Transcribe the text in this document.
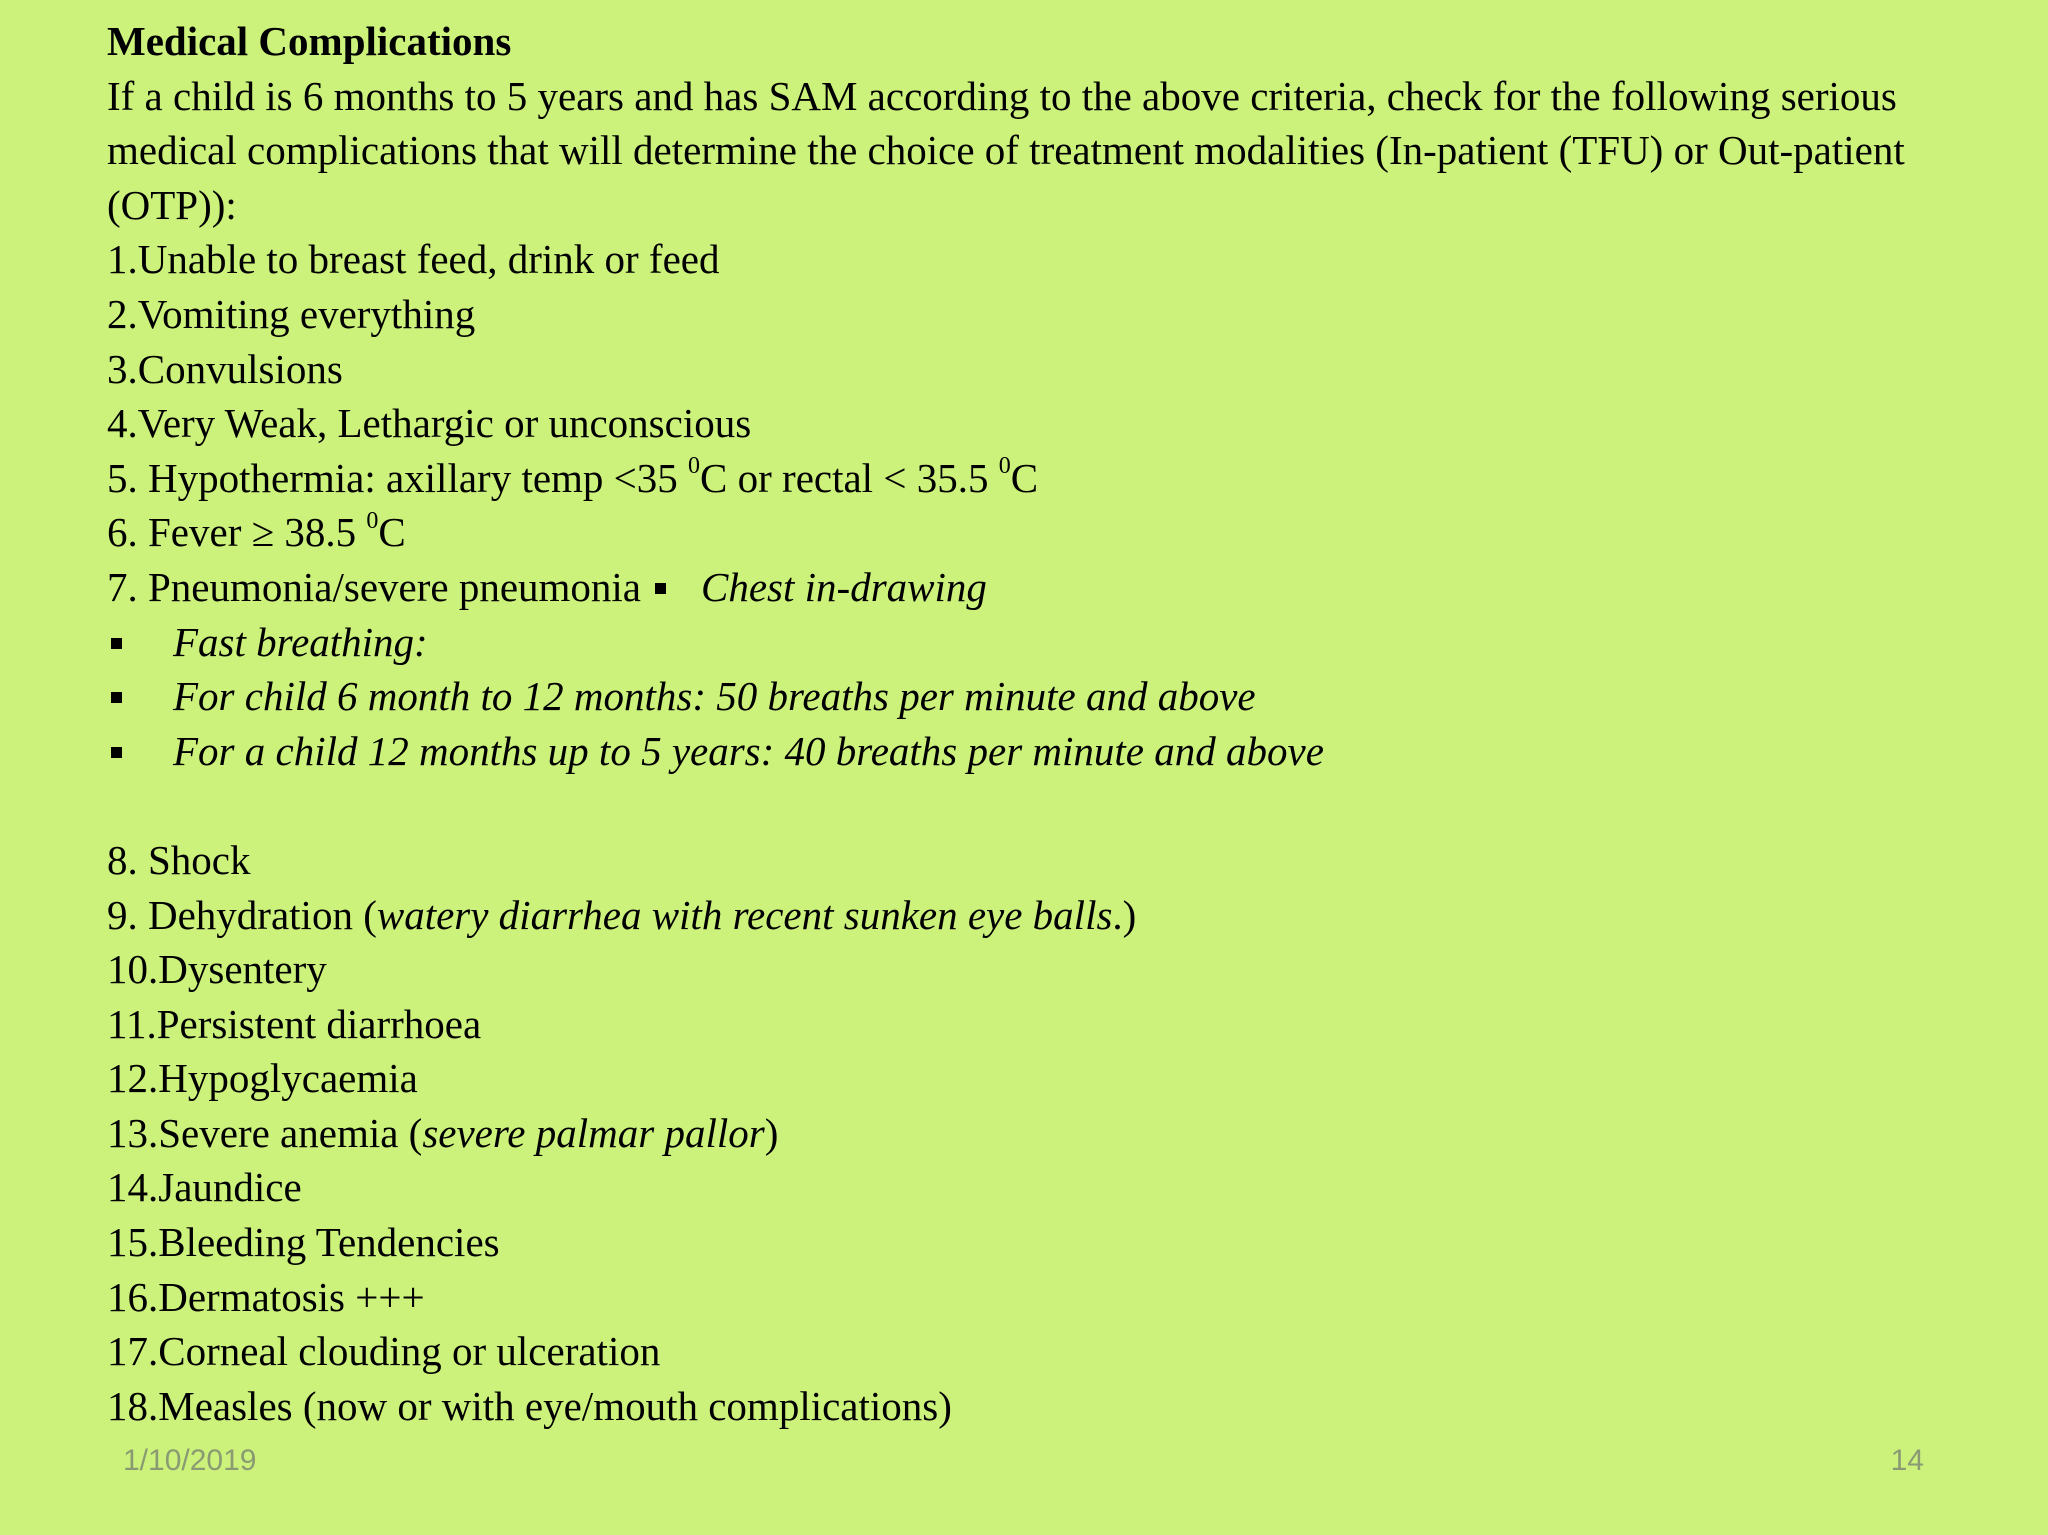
Medical Complications
If a child is 6 months to 5 years and has SAM according to the above criteria, check for the following serious medical complications that will determine the choice of treatment modalities (In-patient (TFU) or Out-patient (OTP)):
1.Unable to breast feed, drink or feed
2.Vomiting everything
3.Convulsions
4.Very Weak, Lethargic or unconscious
5. Hypothermia: axillary temp <35 $^0$C or rectal < 35.5 $^0$C
6. Fever ≥ 38.5 $^0$C
7. Pneumonia/severe pneumonia Chest in-drawing
Fast breathing:
For child 6 month to 12 months: 50 breaths per minute and above
For a child 12 months up to 5 years: 40 breaths per minute and above
8. Shock
9. Dehydration (watery diarrhea with recent sunken eye balls.)
10.Dysentery
11.Persistent diarrhoea
12.Hypoglycaemia
13.Severe anemia (severe palmar pallor)
14.Jaundice
15.Bleeding Tendencies
16.Dermatosis +++
17.Corneal clouding or ulceration
18.Measles (now or with eye/mouth complications)
1/10/2019	14
